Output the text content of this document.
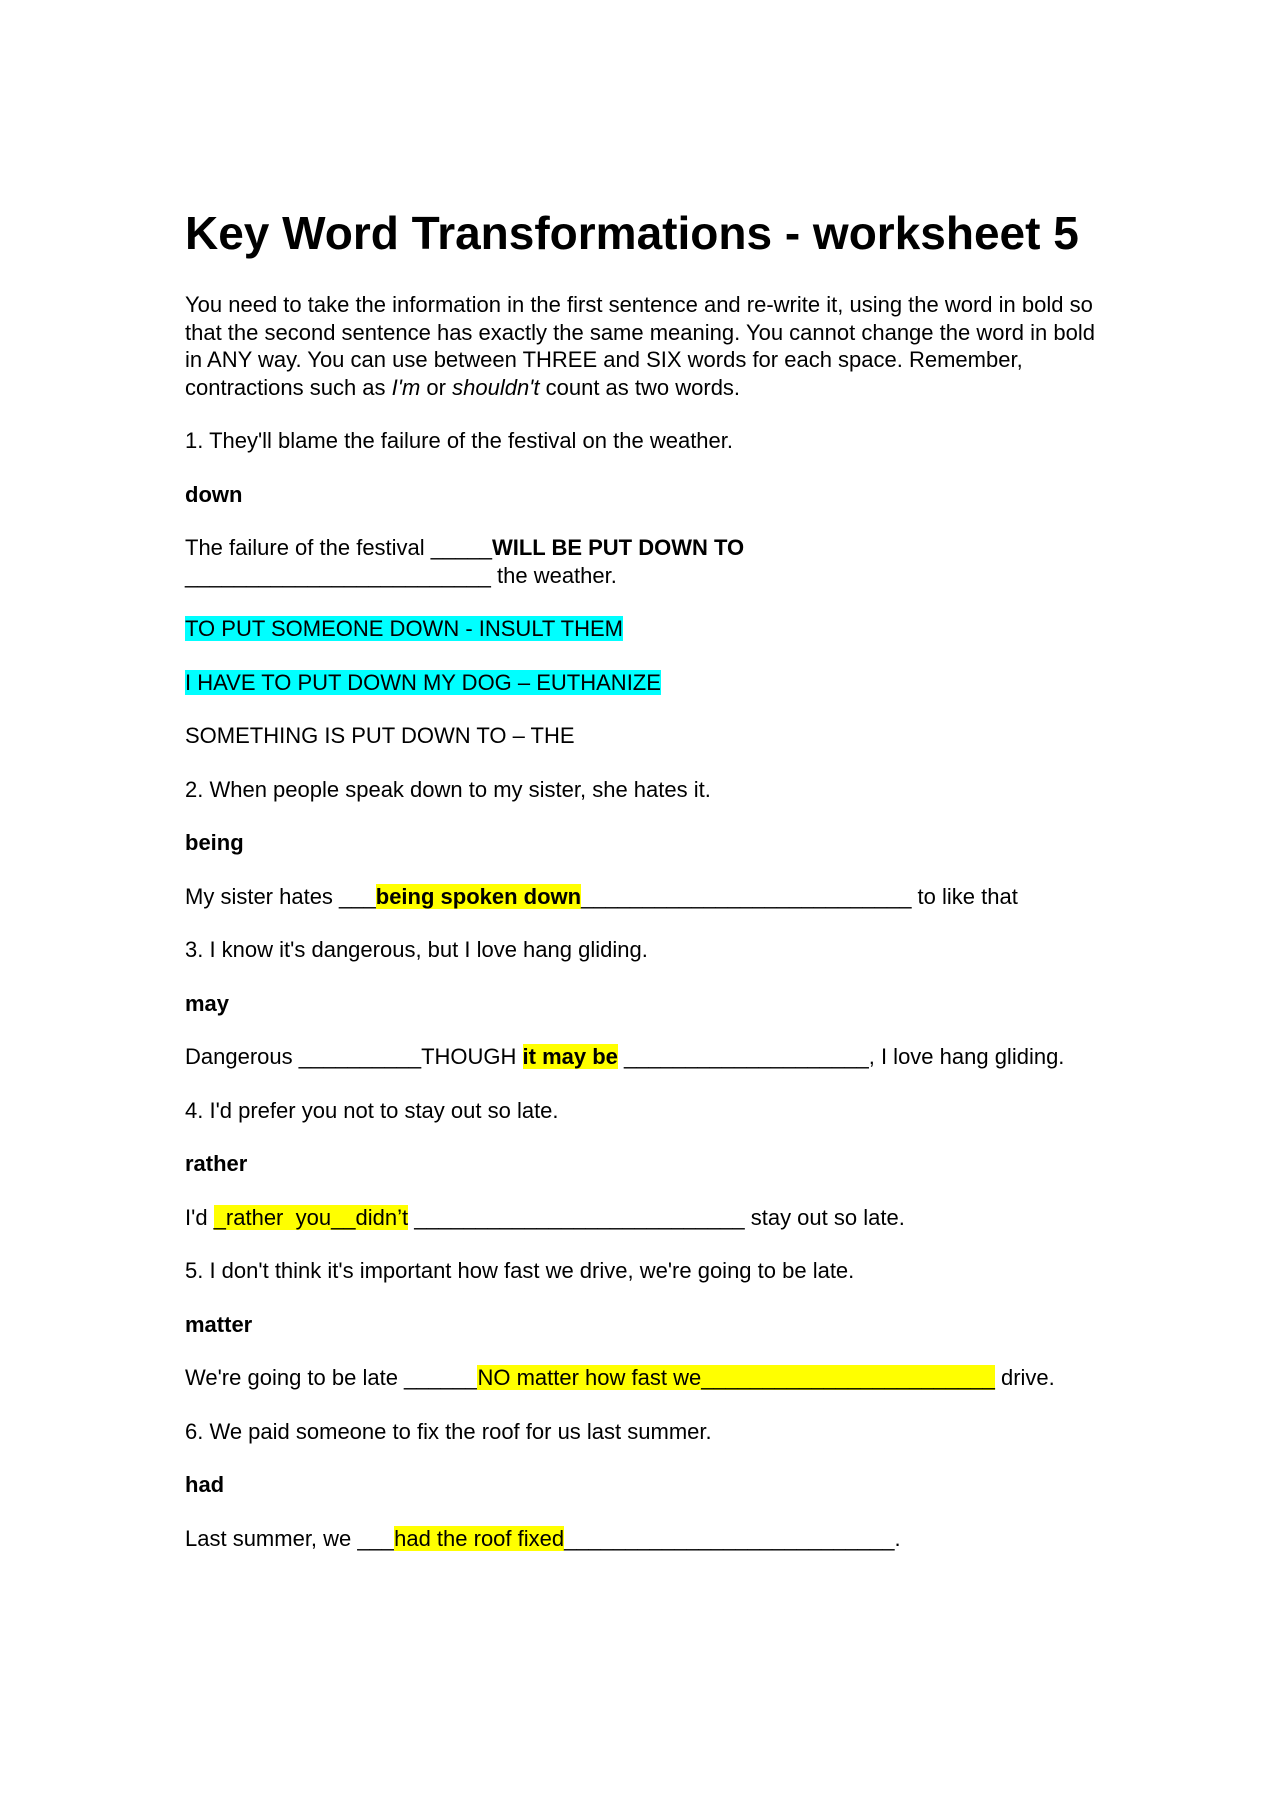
Key Word Transformations - worksheet 5

You need to take the information in the first sentence and re-write it, using the word in bold so that the second sentence has exactly the same meaning. You cannot change the word in bold in ANY way. You can use between THREE and SIX words for each space. Remember, contractions such as I'm or shouldn't count as two words.

1. They'll blame the failure of the festival on the weather.

down

The failure of the festival _____WILL BE PUT DOWN TO
_________________________ the weather.

TO PUT SOMEONE DOWN - INSULT THEM

I HAVE TO PUT DOWN MY DOG – EUTHANIZE

SOMETHING IS PUT DOWN TO – THE

2. When people speak down to my sister, she hates it.

being

My sister hates ___being spoken down___________________________ to like that

3. I know it's dangerous, but I love hang gliding.

may

Dangerous __________THOUGH it may be ____________________, I love hang gliding.

4. I'd prefer you not to stay out so late.

rather

I'd _rather  you__didn’t ___________________________ stay out so late.

5. I don't think it's important how fast we drive, we're going to be late.

matter

We're going to be late ______NO matter how fast we________________________ drive.

6. We paid someone to fix the roof for us last summer.

had

Last summer, we ___had the roof fixed___________________________.
